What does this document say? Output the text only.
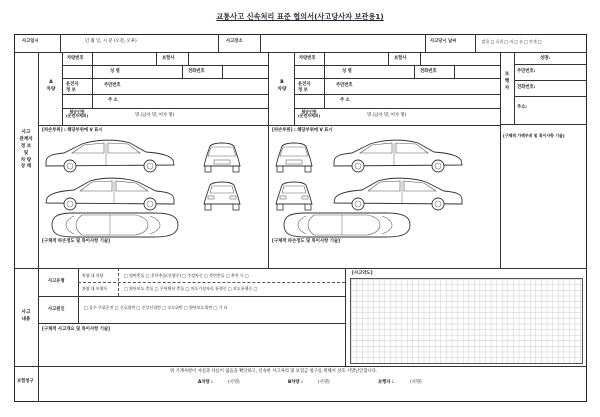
교통사고 신속처리 표준 협의서(사고당사자 보관용1)
사고일시	년 월 일, 시 분 (오전, 오후)	사고장소	사고당시 날씨	맑음 □ 흐림 □ 비 □ 눈 □ 안개 □
사고
관계자
정 보
및
차 량
상 태
A
차량
차량번호	보험사
운전자
정 보
성 명	전화번호
주민번호
주 소
탑승인원
(운전자제외)	명 (남자 명, 여자 명)
[파손부위] : 해당부위에 V 표시
[구체적 파손정도 및 특이사항 기술]
B
차량
차량번호	보험사
운전자
정 보
성 명	전화번호
주민번호
주 소
탑승인원
(운전자제외)	명 (남자 명, 여자 명)
[파손부위] : 해당부위에 V 표시
[구체적 파손정도 및 특이사항 기술]
보
행
자
성명:
주민번호:
전화번호:
주소:
[구체적 가해부위 및 특이사항 기술]
사고
내용
사고유형
사고원인
차량 대 차량	□ 정면충돌 □ 후미추돌(진행중) □ 주정차중 □ 측면충돌 □ 추진 시 □
차량 대 보행자	□ 횡단보도 충돌 □ 무단횡단 충돌 □ 차도가장자리 통행중 □ 보도통행중 □
□ 음주 주위운전 □ 신호위반 □ 중앙선침범 □ 속도위반 □ 횡단보도위반 □ 기 타
[구체적 사고개요 및 특이사항 기술]
[사고약도]
보험청구
위 기재사항이 사실과 다름이 없음을 확인하고, 신속한 사고처리 및 보험금 청구를 위해서 상호 서명날인합니다.
A차량 :	(서명)	B차량 :	(서명)	보행자 :	(서명)
